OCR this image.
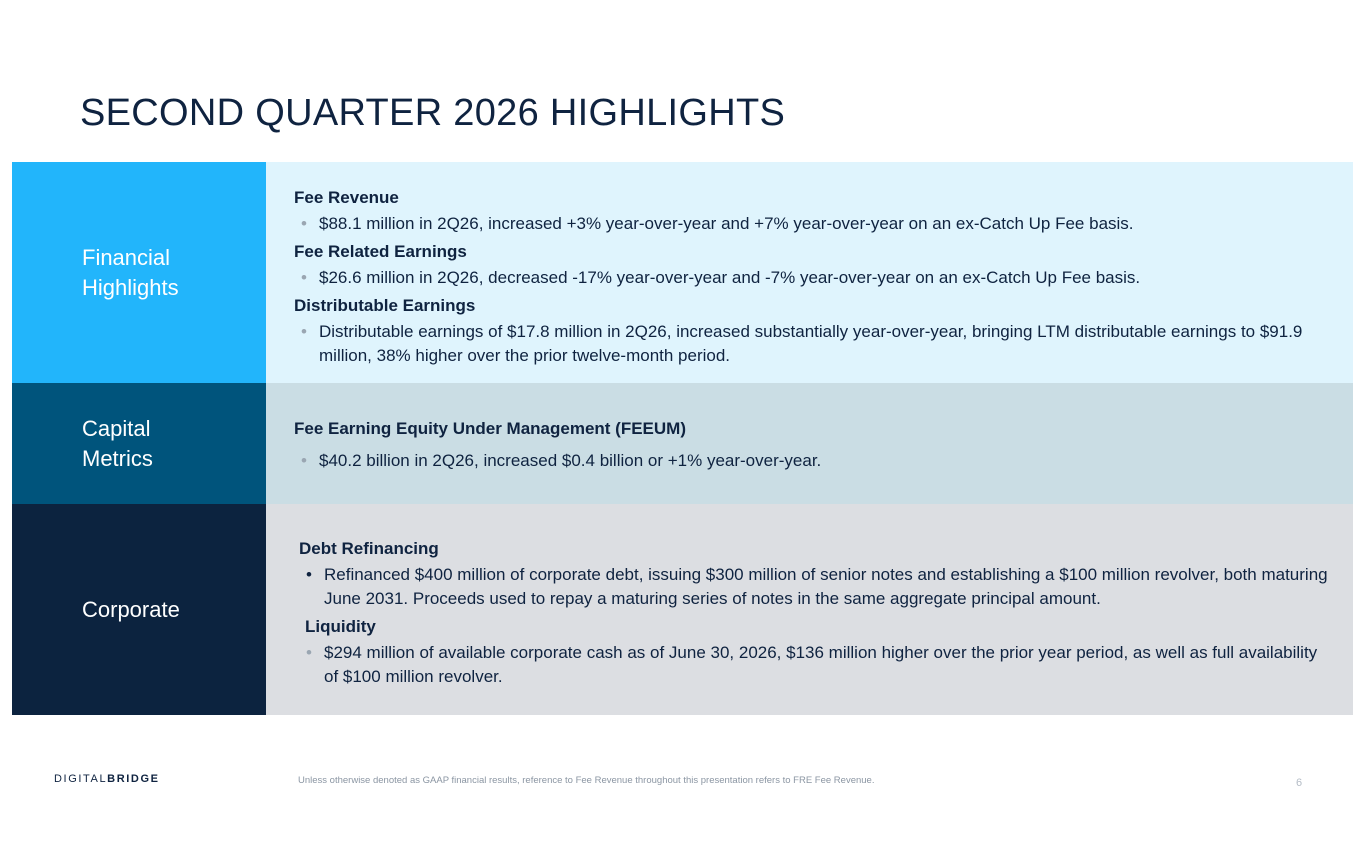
SECOND QUARTER 2026 HIGHLIGHTS
Financial
Highlights

Fee Revenue

• $88.1 million in 2Q26, increased +3% year-over-year and +7% year-over-year on an ex-Catch Up Fee basis.

Fee Related Earnings

• $26.6 million in 2Q26, decreased -17% year-over-year and -7% year-over-year on an ex-Catch Up Fee basis.

Distributable Earnings

• Distributable earnings of $17.8 million in 2Q26, increased substantially year-over-year, bringing LTM distributable earnings to $91.9 million, 38% higher over the prior twelve-month period.
Capital
Metrics

Fee Earning Equity Under Management (FEEUM)

• $40.2 billion in 2Q26, increased $0.4 billion or +1% year-over-year.
Corporate

Debt Refinancing

• Refinanced $400 million of corporate debt, issuing $300 million of senior notes and establishing a $100 million revolver, both maturing June 2031. Proceeds used to repay a maturing series of notes in the same aggregate principal amount.

Liquidity

• $294 million of available corporate cash as of June 30, 2026, $136 million higher over the prior year period, as well as full availability of $100 million revolver.
DIGITALBRIDGE	Unless otherwise denoted as GAAP financial results, reference to Fee Revenue throughout this presentation refers to FRE Fee Revenue.	6
